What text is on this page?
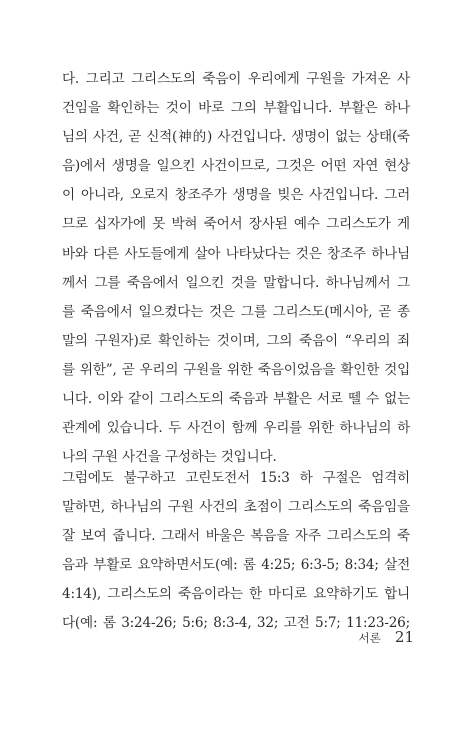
다. 그리고 그리스도의 죽음이 우리에게 구원을 가져온 사
건임을 확인하는 것이 바로 그의 부활입니다. 부활은 하나
님의 사건, 곧 신적(神的) 사건입니다. 생명이 없는 상태(죽
음)에서 생명을 일으킨 사건이므로, 그것은 어떤 자연 현상
이 아니라, 오로지 창조주가 생명을 빚은 사건입니다. 그러
므로 십자가에 못 박혀 죽어서 장사된 예수 그리스도가 게
바와 다른 사도들에게 살아 나타났다는 것은 창조주 하나님
께서 그를 죽음에서 일으킨 것을 말합니다. 하나님께서 그
를 죽음에서 일으켰다는 것은 그를 그리스도(메시아, 곧 종
말의 구원자)로 확인하는 것이며, 그의 죽음이 “우리의 죄
를 위한”, 곧 우리의 구원을 위한 죽음이었음을 확인한 것입
니다. 이와 같이 그리스도의 죽음과 부활은 서로 뗄 수 없는
관계에 있습니다. 두 사건이 함께 우리를 위한 하나님의 하
나의 구원 사건을 구성하는 것입니다.
그럼에도 불구하고 고린도전서 15:3 하 구절은 엄격히
말하면, 하나님의 구원 사건의 초점이 그리스도의 죽음임을
잘 보여 줍니다. 그래서 바울은 복음을 자주 그리스도의 죽
음과 부활로 요약하면서도(예: 롬 4:25; 6:3-5; 8:34; 살전
4:14), 그리스도의 죽음이라는 한 마디로 요약하기도 합니
다(예: 롬 3:24-26; 5:6; 8:3-4, 32; 고전 5:7; 11:23-26;
서론 21
